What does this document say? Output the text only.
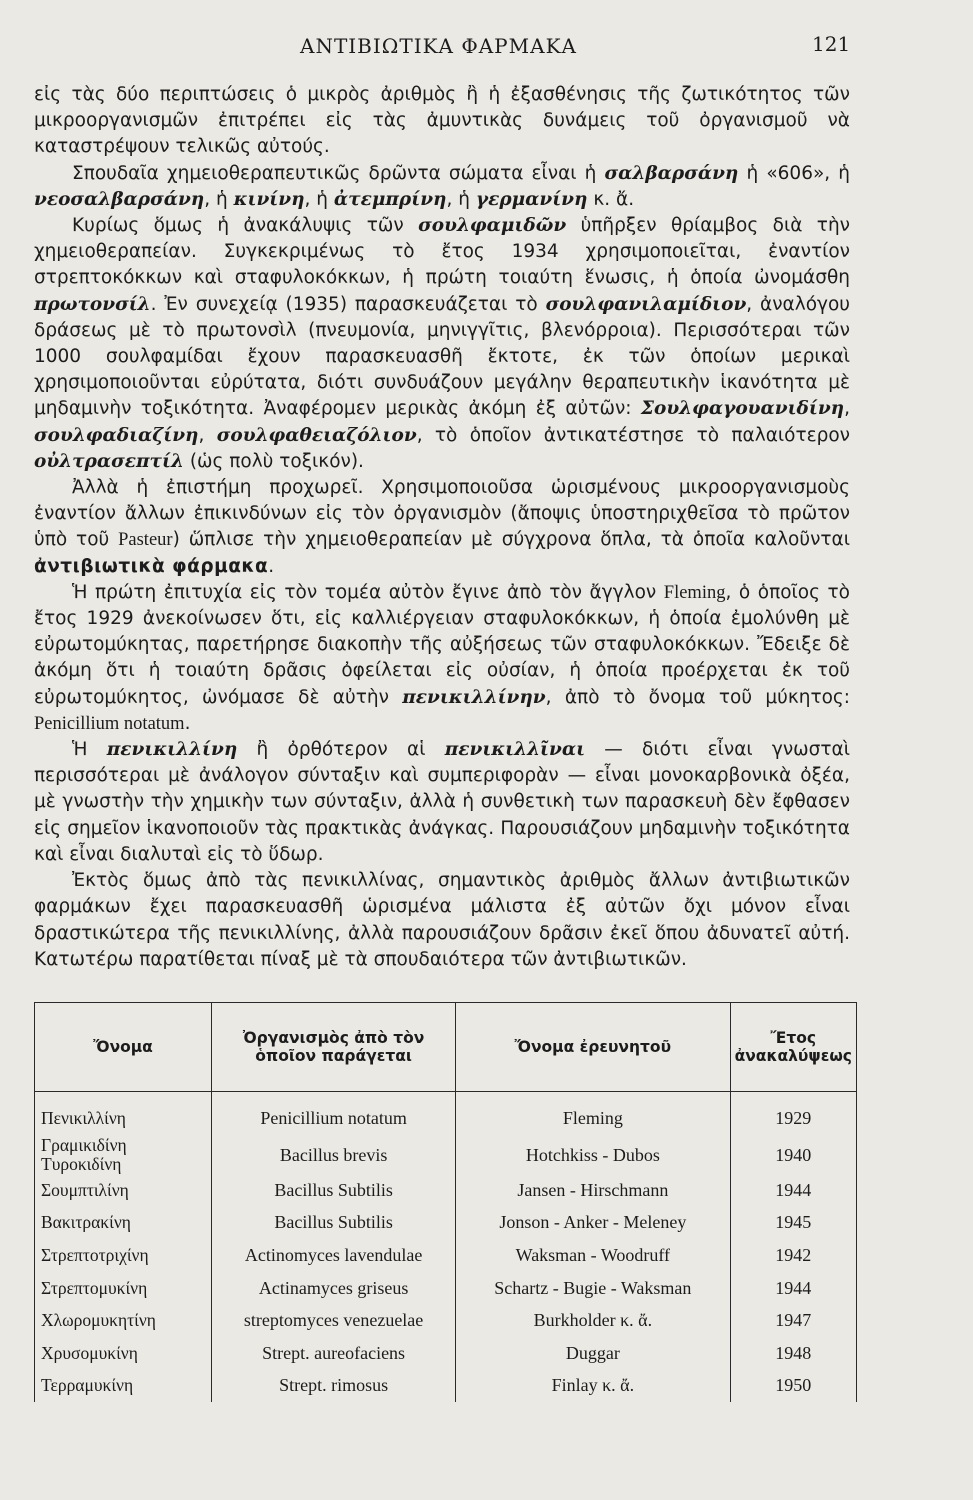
ΑΝΤΙΒΙΩΤΙΚΑ ΦΑΡΜΑΚΑ	121

εἰς τὰς δύο περιπτώσεις ὁ μικρὸς ἀριθμὸς ἢ ἡ ἐξασθένησις τῆς ζωτικότητος τῶν μικροοργανισμῶν ἐπιτρέπει εἰς τὰς ἀμυντικὰς δυνάμεις τοῦ ὀργανισμοῦ νὰ καταστρέψουν τελικῶς αὐτούς.

Σπουδαῖα χημειοθεραπευτικῶς δρῶντα σώματα εἶναι ἡ σαλβαρσάνη ἡ «606», ἡ νεοσαλβαρσάνη, ἡ κινίνη, ἡ ἀτεμπρίνη, ἡ γερμανίνη κ. ἄ.

Κυρίως ὅμως ἡ ἀνακάλυψις τῶν σουλφαμιδῶν ὑπῆρξεν θρίαμβος διὰ τὴν χημειοθεραπείαν. Συγκεκριμένως τὸ ἔτος 1934 χρησιμοποιεῖται, ἐναντίον στρεπτοκόκκων καὶ σταφυλοκόκκων, ἡ πρώτη τοιαύτη ἕνωσις, ἡ ὁποία ὠνομάσθη πρωτονσίλ. Ἐν συνεχείᾳ (1935) παρασκευάζεται τὸ σουλφανιλαμίδιον, ἀναλόγου δράσεως μὲ τὸ πρωτονσὶλ (πνευμονία, μηνιγγῖτις, βλενόρροια). Περισσότεραι τῶν 1000 σουλφαμίδαι ἔχουν παρασκευασθῆ ἔκτοτε, ἐκ τῶν ὁποίων μερικαὶ χρησιμοποιοῦνται εὐρύτατα, διότι συνδυάζουν μεγάλην θεραπευτικὴν ἱκανότητα μὲ μηδαμινὴν τοξικότητα. Ἀναφέρομεν μερικὰς ἀκόμη ἐξ αὐτῶν: Σουλφαγουανιδίνη, σουλφαδιαζίνη, σουλφαθειαζόλιον, τὸ ὁποῖον ἀντικατέστησε τὸ παλαιότερον οὐλτρασεπτίλ (ὡς πολὺ τοξικόν).

Ἀλλὰ ἡ ἐπιστήμη προχωρεῖ. Χρησιμοποιοῦσα ὡρισμένους μικροοργανισμοὺς ἐναντίον ἄλλων ἐπικινδύνων εἰς τὸν ὀργανισμὸν (ἄποψις ὑποστηριχθεῖσα τὸ πρῶτον ὑπὸ τοῦ Pasteur) ὥπλισε τὴν χημειοθεραπείαν μὲ σύγχρονα ὅπλα, τὰ ὁποῖα καλοῦνται ἀντιβιωτικὰ φάρμακα.

Ἡ πρώτη ἐπιτυχία εἰς τὸν τομέα αὐτὸν ἔγινε ἀπὸ τὸν ἄγγλον Fleming, ὁ ὁποῖος τὸ ἔτος 1929 ἀνεκοίνωσεν ὅτι, εἰς καλλιέργειαν σταφυλοκόκκων, ἡ ὁποία ἐμολύνθη μὲ εὐρωτομύκητας, παρετήρησε διακοπὴν τῆς αὐξήσεως τῶν σταφυλοκόκκων. Ἔδειξε δὲ ἀκόμη ὅτι ἡ τοιαύτη δρᾶσις ὀφείλεται εἰς οὐσίαν, ἡ ὁποία προέρχεται ἐκ τοῦ εὐρωτομύκητος, ὠνόμασε δὲ αὐτὴν πενικιλλίνην, ἀπὸ τὸ ὄνομα τοῦ μύκητος: Penicillium notatum.

Ἡ πενικιλλίνη ἢ ὀρθότερον αἱ πενικιλλῖναι — διότι εἶναι γνωσταὶ περισσότεραι μὲ ἀνάλογον σύνταξιν καὶ συμπεριφορὰν — εἶναι μονοκαρβονικὰ ὀξέα, μὲ γνωστὴν τὴν χημικὴν των σύνταξιν, ἀλλὰ ἡ συνθετικὴ των παρασκευὴ δὲν ἔφθασεν εἰς σημεῖον ἱκανοποιοῦν τὰς πρακτικὰς ἀνάγκας. Παρουσιάζουν μηδαμινὴν τοξικότητα καὶ εἶναι διαλυταὶ εἰς τὸ ὕδωρ.

Ἐκτὸς ὅμως ἀπὸ τὰς πενικιλλίνας, σημαντικὸς ἀριθμὸς ἄλλων ἀντιβιωτικῶν φαρμάκων ἔχει παρασκευασθῆ ὡρισμένα μάλιστα ἐξ αὐτῶν ὄχι μόνον εἶναι δραστικώτερα τῆς πενικιλλίνης, ἀλλὰ παρουσιάζουν δρᾶσιν ἐκεῖ ὅπου ἀδυνατεῖ αὐτή. Κατωτέρω παρατίθεται πίναξ μὲ τὰ σπουδαιότερα τῶν ἀντιβιωτικῶν.

Ὄνομα	Ὀργανισμὸς ἀπὸ τὸν ὁποῖον παράγεται	Ὄνομα ἐρευνητοῦ	Ἔτος ἀνακαλύψεως
Πενικιλλίνη	Penicillium notatum	Fleming	1929
Γραμικιδίνη
Τυροκιδίνη	Bacillus brevis	Hotchkiss - Dubos	1940
Σουμπτιλίνη	Bacillus Subtilis	Jansen - Hirschmann	1944
Βακιτρακίνη	Bacillus Subtilis	Jonson - Anker - Meleney	1945
Στρεπτοτριχίνη	Actinomyces lavendulae	Waksman - Woodruff	1942
Στρεπτομυκίνη	Actinamyces griseus	Schartz - Bugie - Waksman	1944
Χλωρομυκητίνη	streptomyces venezuelae	Burkholder κ. ἄ.	1947
Χρυσομυκίνη	Strept. aureofaciens	Duggar	1948
Τερραμυκίνη	Strept. rimosus	Finlay κ. ἄ.	1950
